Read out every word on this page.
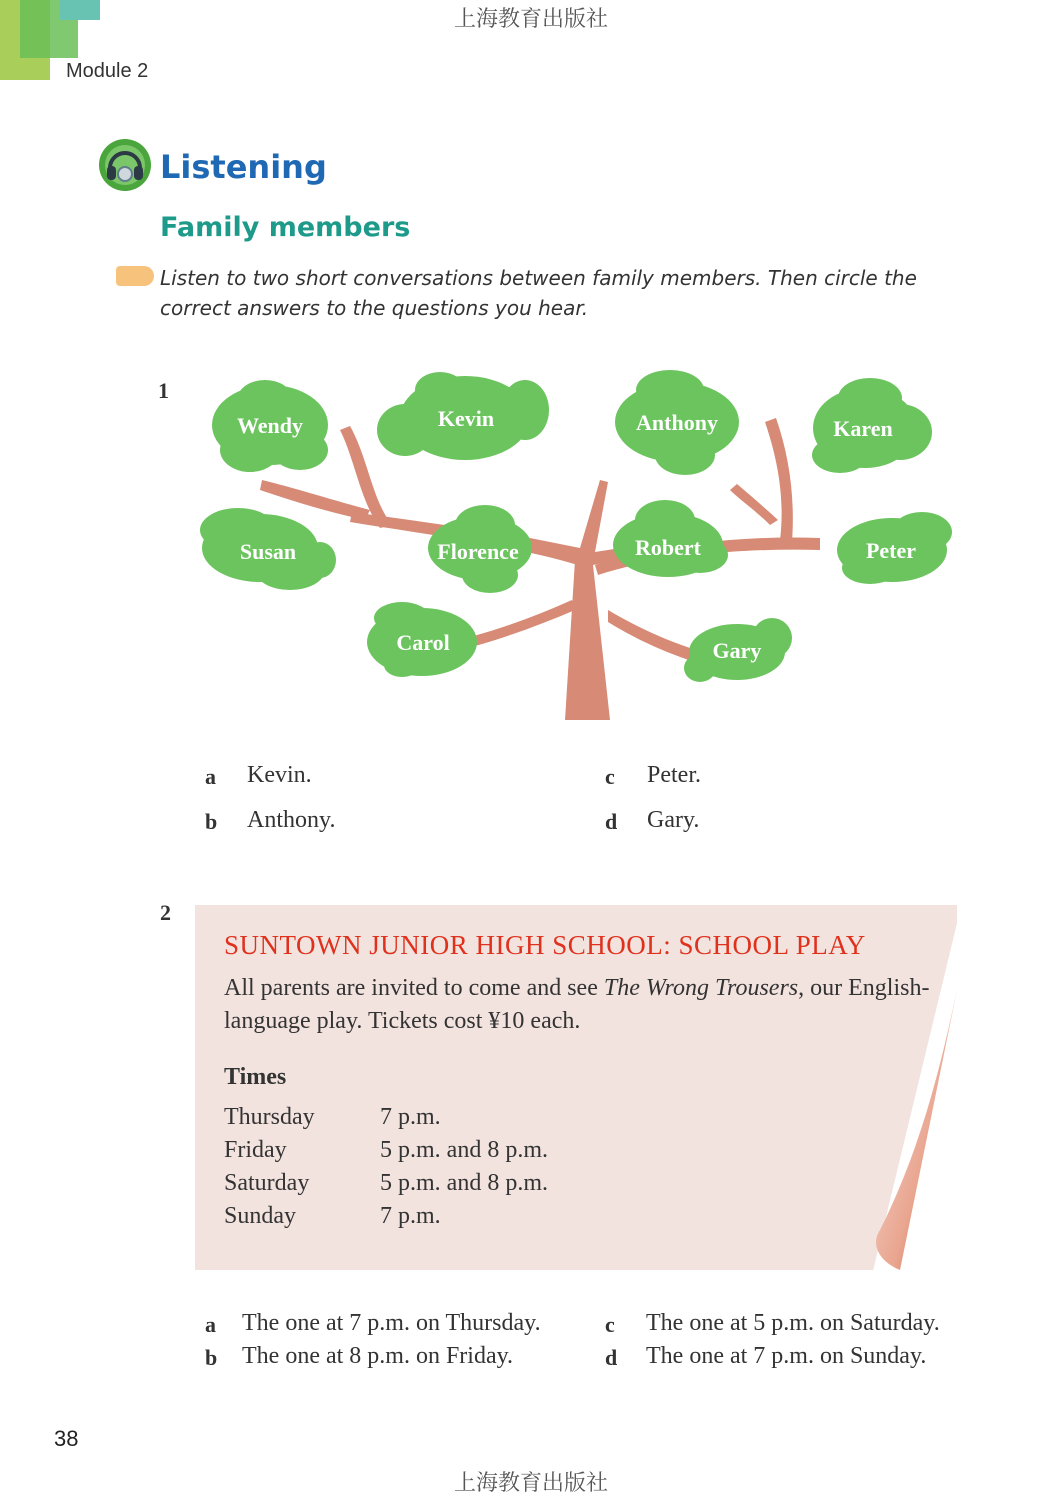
Module 2
上海教育出版社
Listening
Family members
Listen to two short conversations between family members. Then circle the correct answers to the questions you hear.
1
Wendy	Kevin	Anthony	Karen
Susan	Florence	Robert	Peter
Carol	Gary
a Kevin.
b Anthony.
c Peter.
d Gary.
2
SUNTOWN JUNIOR HIGH SCHOOL: SCHOOL PLAY
All parents are invited to come and see The Wrong Trousers, our English-language play. Tickets cost ¥10 each.
Times
Thursday	7 p.m.
Friday	5 p.m. and 8 p.m.
Saturday	5 p.m. and 8 p.m.
Sunday	7 p.m.
a The one at 7 p.m. on Thursday.
b The one at 8 p.m. on Friday.
c The one at 5 p.m. on Saturday.
d The one at 7 p.m. on Sunday.
38
上海教育出版社
